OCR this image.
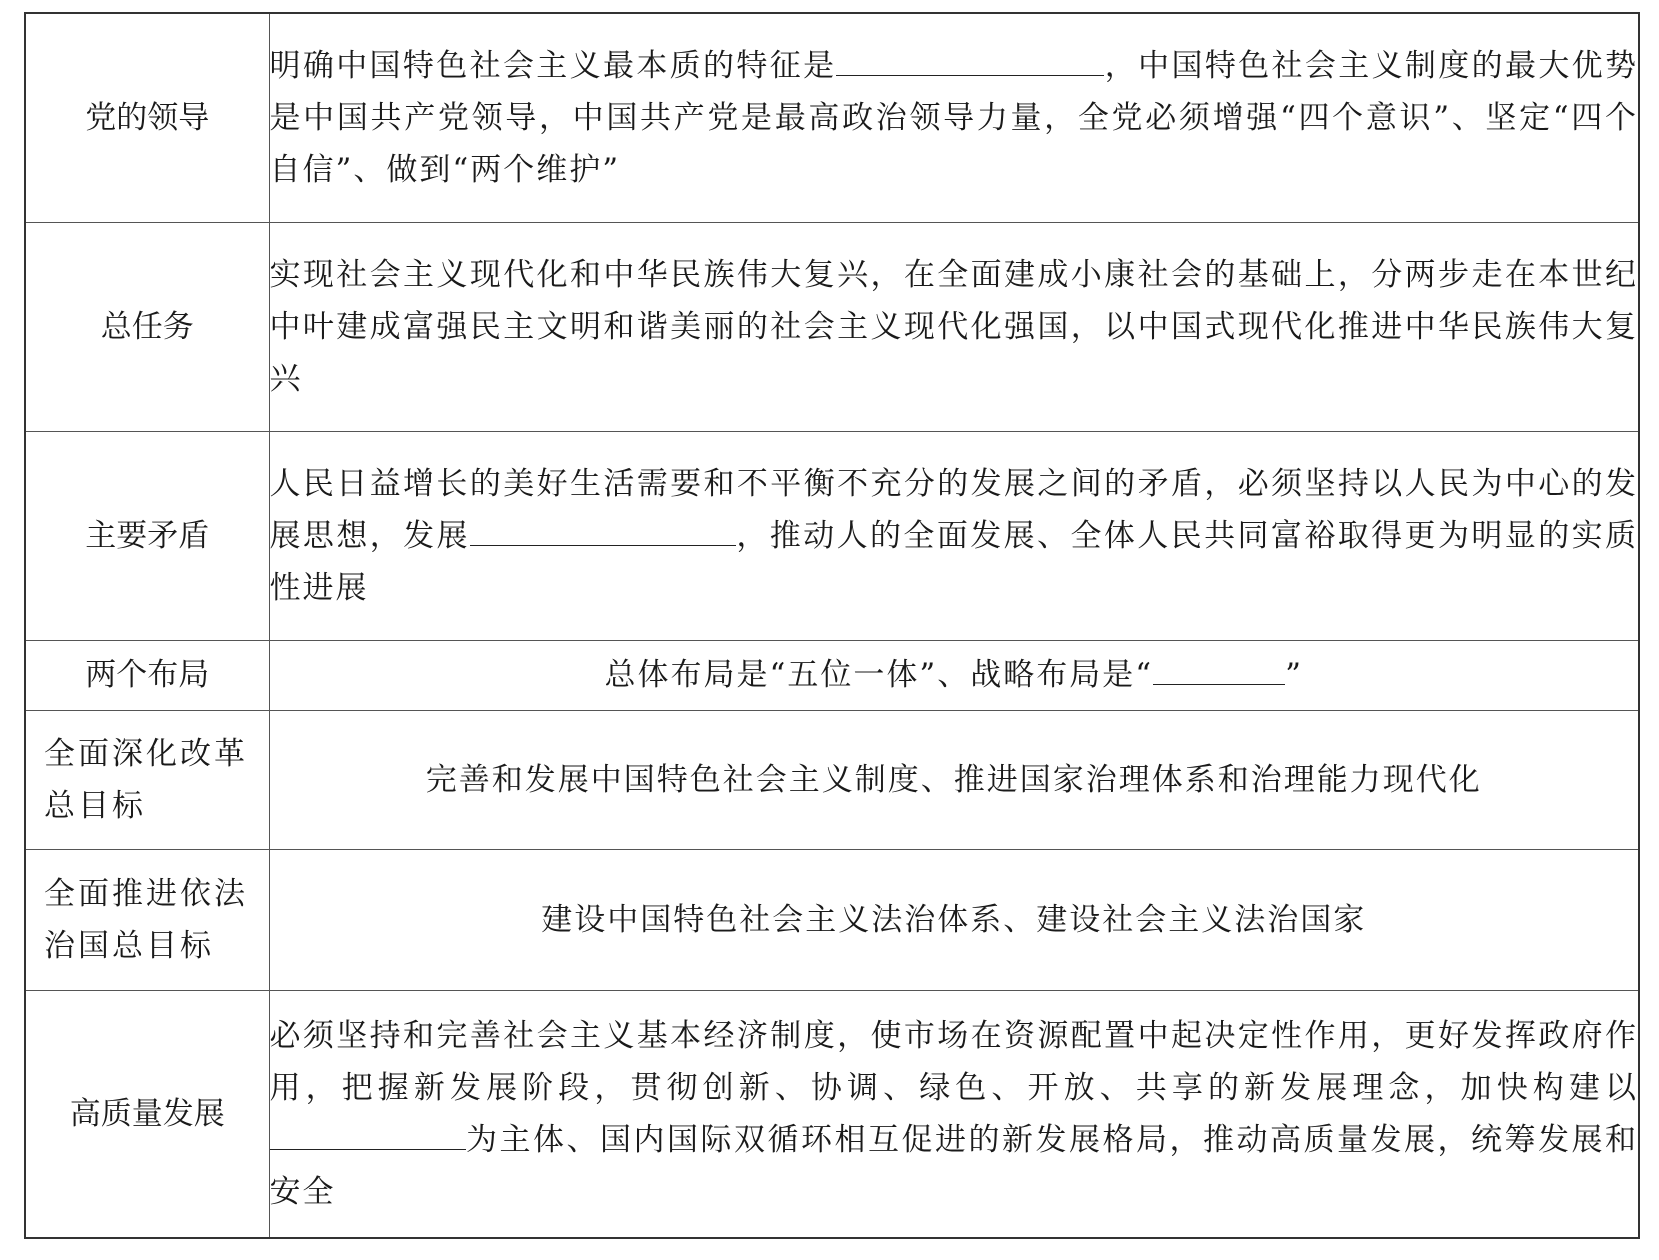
党的领导	明确中国特色社会主义最本质的特征是 ，中国特色社会主义制度的最大优势是中国共产党领导，中国共产党是最高政治领导力量，全党必须增强“四个意识”、坚定“四个自信”、做到“两个维护”
总任务	实现社会主义现代化和中华民族伟大复兴，在全面建成小康社会的基础上，分两步走在本世纪中叶建成富强民主文明和谐美丽的社会主义现代化强国，以中国式现代化推进中华民族伟大复兴
主要矛盾	人民日益增长的美好生活需要和不平衡不充分的发展之间的矛盾，必须坚持以人民为中心的发展思想，发展 ，推动人的全面发展、全体人民共同富裕取得更为明显的实质性进展
两个布局	总体布局是“五位一体”、战略布局是“ ”
全面深化改革总目标	完善和发展中国特色社会主义制度、推进国家治理体系和治理能力现代化
全面推进依法治国总目标	建设中国特色社会主义法治体系、建设社会主义法治国家
高质量发展	必须坚持和完善社会主义基本经济制度，使市场在资源配置中起决定性作用，更好发挥政府作用，把握新发展阶段，贯彻创新、协调、绿色、开放、共享的新发展理念，加快构建以为主体、国内国际双循环相互促进的新发展格局，推动高质量发展，统筹发展和安全
